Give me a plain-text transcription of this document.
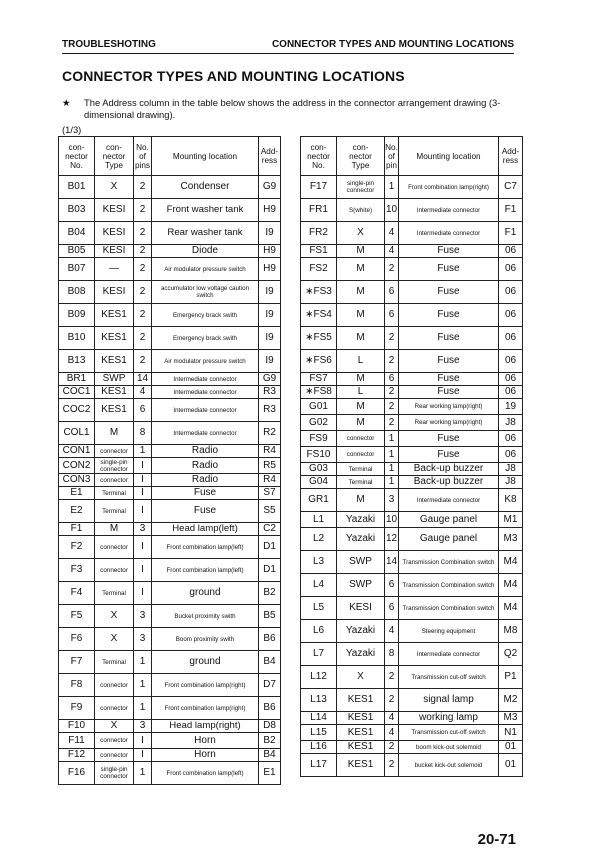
TROUBLESHOTING	CONNECTOR TYPES AND MOUNTING LOCATIONS
CONNECTOR TYPES AND MOUNTING LOCATIONS
★ The Address column in the table below shows the address in the connector arrangement drawing (3-dimensional drawing).
(1/3)
con-
nector
No.	con-
nector
Type	No.
of
pins	Mounting location	Add-
ress
B01	X	2	Condenser	G9
B03	KESI	2	Front washer tank	H9
B04	KESI	2	Rear washer tank	I9
B05	KESI	2	Diode	H9
B07	—	2	Air modulator pressure switch	H9
B08	KESI	2	accumulator low voltage caution switch	I9
B09	KES1	2	Emergency brack swith	I9
B10	KES1	2	Emergency brack swith	I9
B13	KES1	2	Air modulator pressure switch	I9
BR1	SWP	14	Intermediate connector	G9
COC1	KES1	4	Intermediate connector	R3
COC2	KES1	6	Intermediate connector	R3
COL1	M	8	Intermediate connector	R2
CON1	connector	1	Radio	R4
CON2	single-pin connector	I	Radio	R5
CON3	connector	I	Radio	R4
E1	Terminal	I	Fuse	S7
E2	Terminal	I	Fuse	S5
F1	M	3	Head lamp(left)	C2
F2	connector	I	Front combination lamp(left)	D1
F3	connector	I	Front combination lamp(left)	D1
F4	Terminal	I	ground	B2
F5	X	3	Bucket proximity swith	B5
F6	X	3	Boom proximity swith	B6
F7	Terminal	1	ground	B4
F8	connector	1	Front combination lamp(right)	D7
F9	connector	1	Front combination lamp(right)	B6
F10	X	3	Head lamp(right)	D8
F11	connector	I	Horn	B2
F12	connector	I	Horn	B4
F16	single-pin connector	1	Front combination lamp(left)	E1
con-
nector
No.	con-
nector
Type	No.
of
pin	Mounting location	Add-
ress
F17	single-pin connector	1	Front combination lamp(right)	C7
FR1	S(white)	10	Intermediate connector	F1
FR2	X	4	Intermediate connector	F1
FS1	M	4	Fuse	06
FS2	M	2	Fuse	06
∗FS3	M	6	Fuse	06
∗FS4	M	6	Fuse	06
∗FS5	M	2	Fuse	06
∗FS6	L	2	Fuse	06
FS7	M	6	Fuse	06
∗FS8	L	2	Fuse	06
G01	M	2	Rear working lamp(right)	19
G02	M	2	Rear working lamp(right)	J8
FS9	connector	1	Fuse	06
FS10	connector	1	Fuse	06
G03	Terminal	1	Back-up buzzer	J8
G04	Terminal	1	Back-up buzzer	J8
GR1	M	3	Intermediate connector	K8
L1	Yazaki	10	Gauge panel	M1
L2	Yazaki	12	Gauge panel	M3
L3	SWP	14	Transmission Combination switch	M4
L4	SWP	6	Transmission Combination switch	M4
L5	KESI	6	Transmission Combination switch	M4
L6	Yazaki	4	Steering equipment	M8
L7	Yazaki	8	Intermediate connector	Q2
L12	X	2	Transmission cut-off switch	P1
L13	KES1	2	signal lamp	M2
L14	KES1	4	working lamp	M3
L15	KES1	4	Transmission cut-off switch	N1
L16	KES1	2	boom kick-out solemoid	01
L17	KES1	2	bucket kick-out solemoid	01
20-71
